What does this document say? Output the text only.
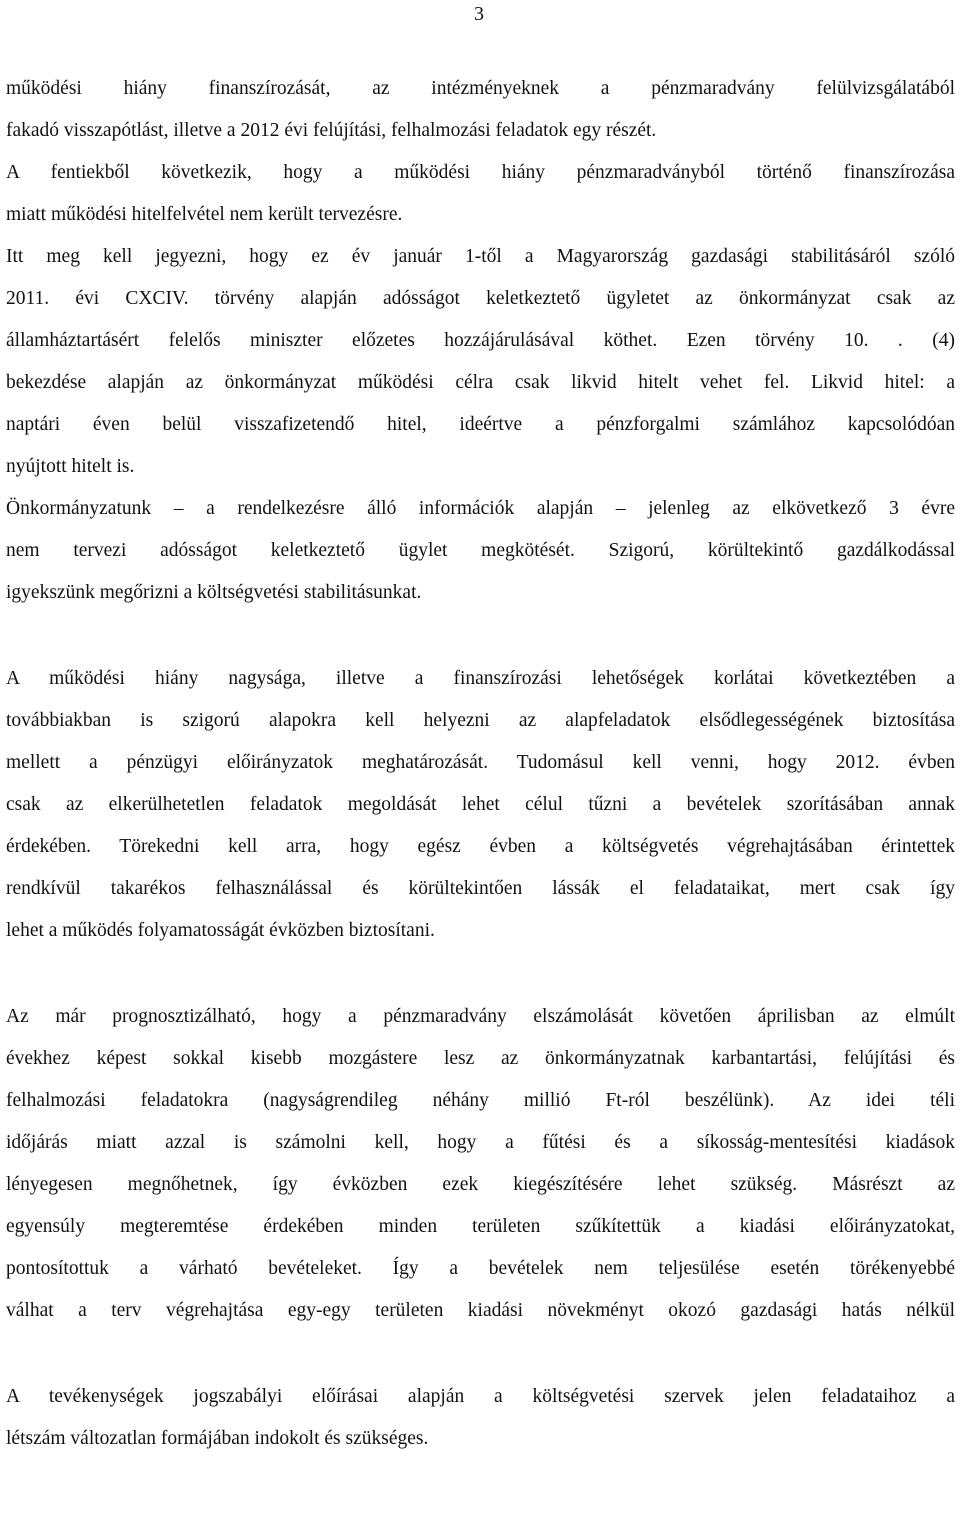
3
működési hiány finanszírozását, az intézményeknek a pénzmaradvány felülvizsgálatából
fakadó visszapótlást, illetve a 2012 évi felújítási, felhalmozási feladatok egy részét.
A fentiekből következik, hogy a működési hiány pénzmaradványból történő finanszírozása
miatt működési hitelfelvétel nem került tervezésre.
Itt meg kell jegyezni, hogy ez év január 1-től a Magyarország gazdasági stabilitásáról szóló
2011. évi CXCIV. törvény alapján adósságot keletkeztető ügyletet az önkormányzat csak az
államháztartásért felelős miniszter előzetes hozzájárulásával köthet. Ezen törvény 10. . (4)
bekezdése alapján az önkormányzat működési célra csak likvid hitelt vehet fel. Likvid hitel: a
naptári éven belül visszafizetendő hitel, ideértve a pénzforgalmi számlához kapcsolódóan
nyújtott hitelt is.
Önkormányzatunk – a rendelkezésre álló információk alapján – jelenleg az elkövetkező 3 évre
nem tervezi adósságot keletkeztető ügylet megkötését. Szigorú, körültekintő gazdálkodással
igyekszünk megőrizni a költségvetési stabilitásunkat.
A működési hiány nagysága, illetve a finanszírozási lehetőségek korlátai következtében a
továbbiakban is szigorú alapokra kell helyezni az alapfeladatok elsődlegességének biztosítása
mellett a pénzügyi előirányzatok meghatározását. Tudomásul kell venni, hogy 2012. évben
csak az elkerülhetetlen feladatok megoldását lehet célul tűzni a bevételek szorításában annak
érdekében. Törekedni kell arra, hogy egész évben a költségvetés végrehajtásában érintettek
rendkívül takarékos felhasználással és körültekintően lássák el feladataikat, mert csak így
lehet a működés folyamatosságát évközben biztosítani.
Az már prognosztizálható, hogy a pénzmaradvány elszámolását követően áprilisban az elmúlt
évekhez képest sokkal kisebb mozgástere lesz az önkormányzatnak karbantartási, felújítási és
felhalmozási feladatokra (nagyságrendileg néhány millió Ft-ról beszélünk). Az idei téli
időjárás miatt azzal is számolni kell, hogy a fűtési és a síkosság-mentesítési kiadások
lényegesen megnőhetnek, így évközben ezek kiegészítésére lehet szükség. Másrészt az
egyensúly megteremtése érdekében minden területen szűkítettük a kiadási előirányzatokat,
pontosítottuk a várható bevételeket. Így a bevételek nem teljesülése esetén törékenyebbé
válhat a terv végrehajtása egy-egy területen kiadási növekményt okozó gazdasági hatás nélkül
A tevékenységek jogszabályi előírásai alapján a költségvetési szervek jelen feladataihoz a
létszám változatlan formájában indokolt és szükséges.
